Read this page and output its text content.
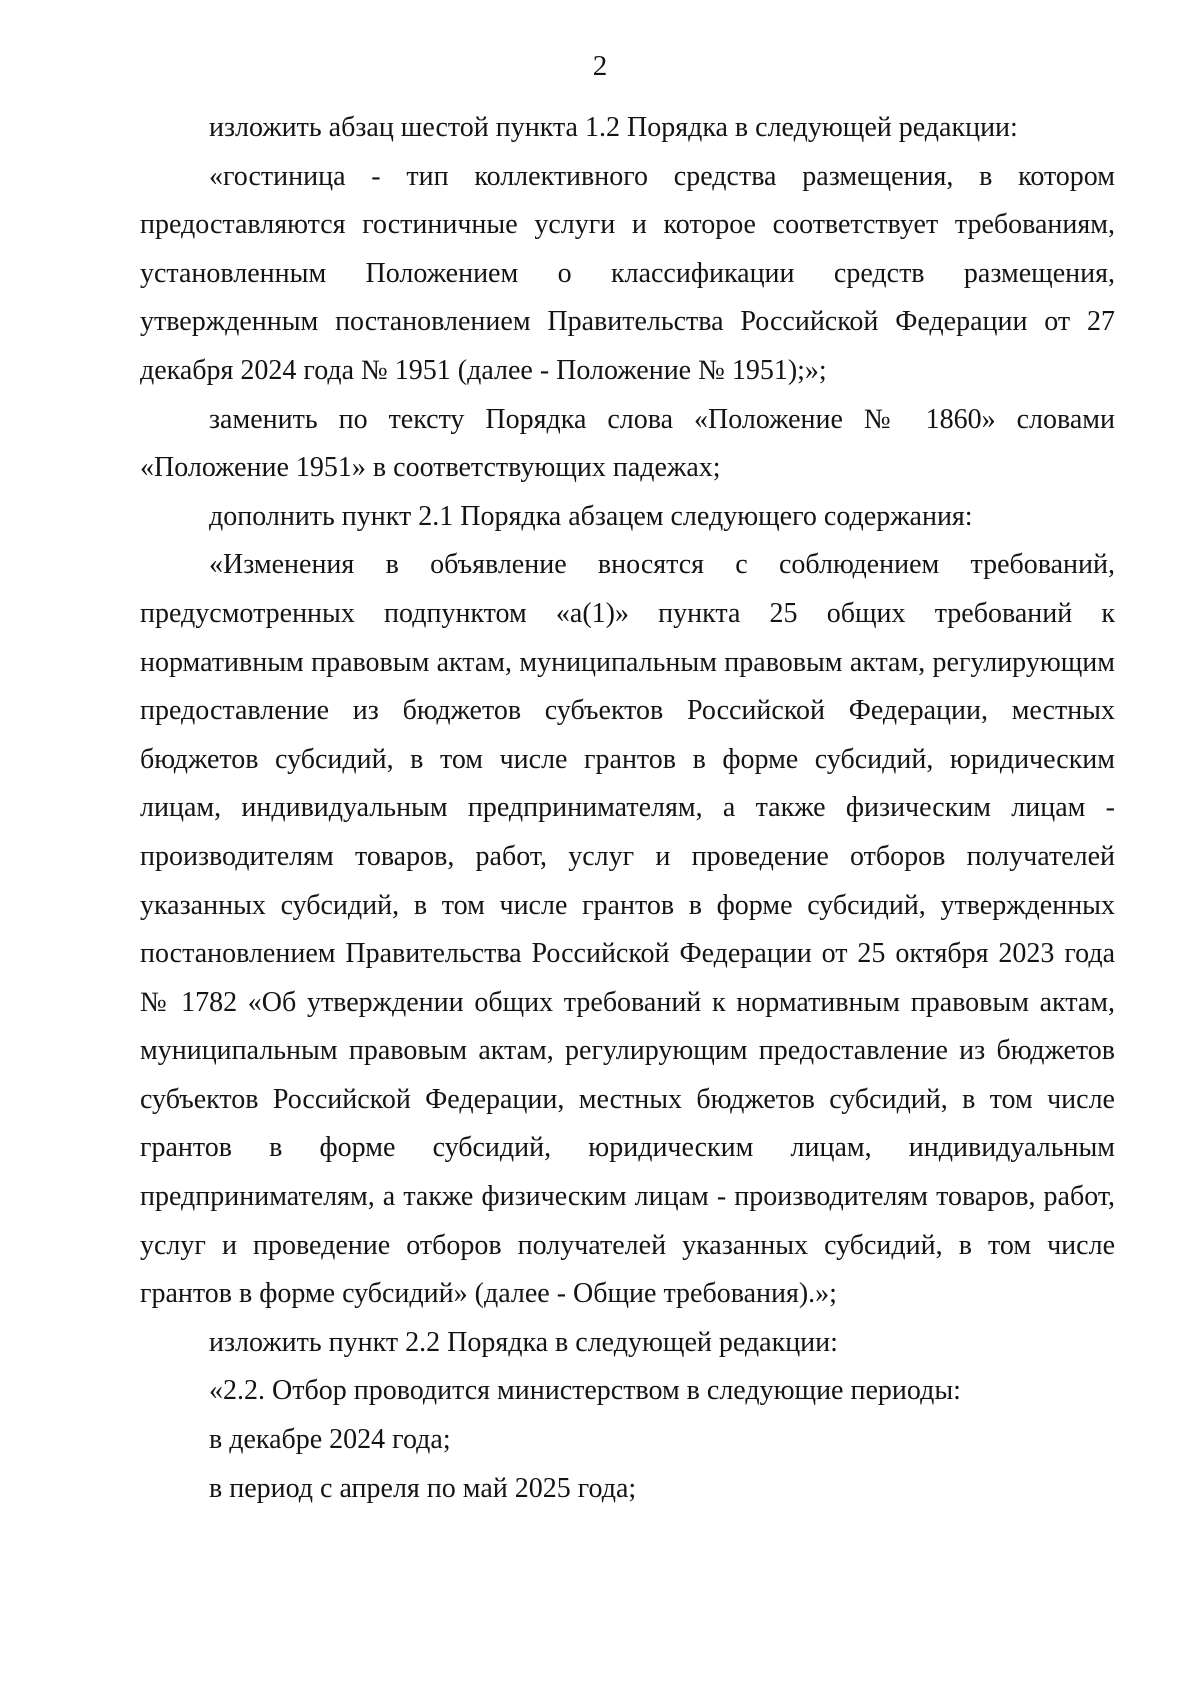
2

изложить абзац шестой пункта 1.2 Порядка в следующей редакции:

«гостиница - тип коллективного средства размещения, в котором предоставляются гостиничные услуги и которое соответствует требованиям, установленным Положением о классификации средств размещения, утвержденным постановлением Правительства Российской Федерации от 27 декабря 2024 года № 1951 (далее - Положение № 1951);»;

заменить по тексту Порядка слова «Положение № 1860» словами «Положение 1951» в соответствующих падежах;

дополнить пункт 2.1 Порядка абзацем следующего содержания:

«Изменения в объявление вносятся с соблюдением требований, предусмотренных подпунктом «а(1)» пункта 25 общих требований к нормативным правовым актам, муниципальным правовым актам, регулирующим предоставление из бюджетов субъектов Российской Федерации, местных бюджетов субсидий, в том числе грантов в форме субсидий, юридическим лицам, индивидуальным предпринимателям, а также физическим лицам - производителям товаров, работ, услуг и проведение отборов получателей указанных субсидий, в том числе грантов в форме субсидий, утвержденных постановлением Правительства Российской Федерации от 25 октября 2023 года № 1782 «Об утверждении общих требований к нормативным правовым актам, муниципальным правовым актам, регулирующим предоставление из бюджетов субъектов Российской Федерации, местных бюджетов субсидий, в том числе грантов в форме субсидий, юридическим лицам, индивидуальным предпринимателям, а также физическим лицам - производителям товаров, работ, услуг и проведение отборов получателей указанных субсидий, в том числе грантов в форме субсидий» (далее - Общие требования).»;

изложить пункт 2.2 Порядка в следующей редакции:

«2.2. Отбор проводится министерством в следующие периоды:

в декабре 2024 года;

в период с апреля по май 2025 года;
